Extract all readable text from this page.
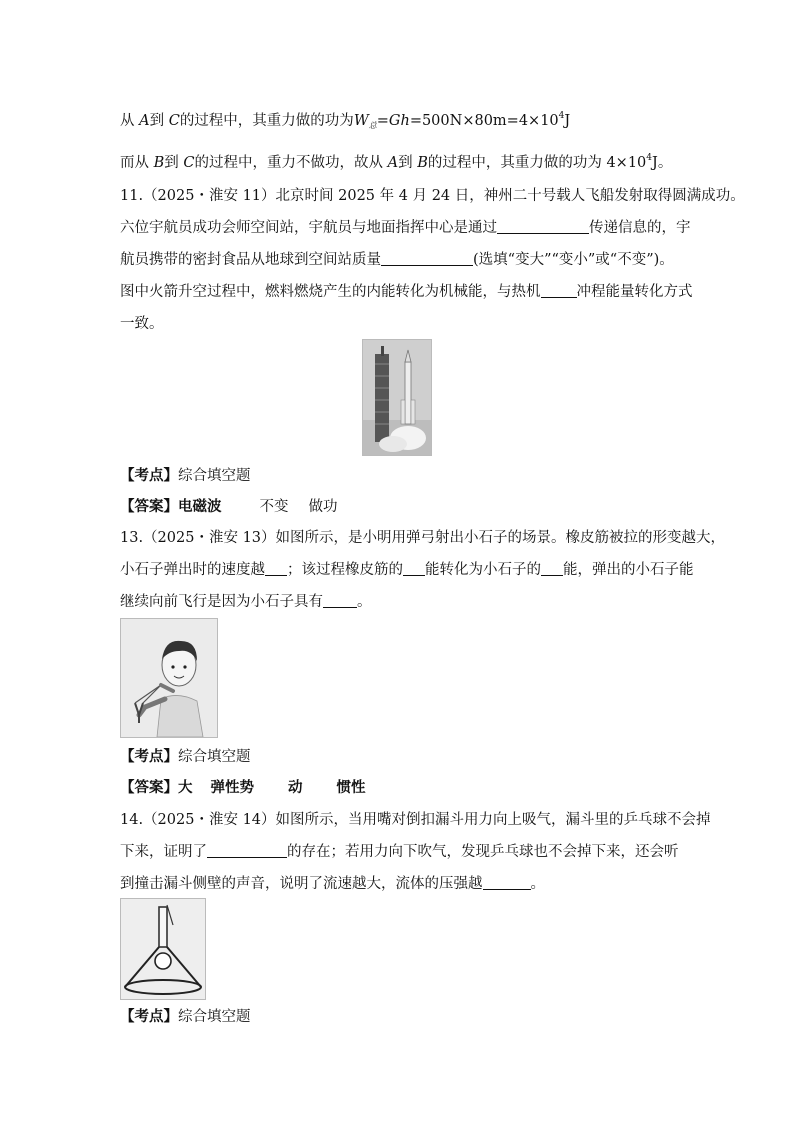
从 A到 C的过程中，其重力做的功为$W_总=Gh=500N\times 80m=4\times 10^4J$
而从 B到 C的过程中，重力不做功，故从 A到 B的过程中，其重力做的功为 $4\times 10^4J$。
11.（2025・淮安 11）北京时间 2025 年 4 月 24 日，神州二十号载人飞船发射取得圆满成功。
六位宇航员成功会师空间站，宇航员与地面指挥中心是通过	传递信息的，宇
航员携带的密封食品从地球到空间站质量	(选填“变大”“变小”或“不变”)。
图中火箭升空过程中，燃料燃烧产生的内能转化为机械能，与热机 冲程能量转化方式
一致。
【考点】综合填空题
【答案】电磁波	不变 做功
13.（2025・淮安 13）如图所示，是小明用弹弓射出小石子的场景。橡皮筋被拉的形变越大，
小石子弹出时的速度越 ；该过程橡皮筋的 能转化为小石子的 能，弹出的小石子能
继续向前飞行是因为小石子具有 。
【考点】综合填空题
【答案】大 弹性势 动 惯性
14.（2025・淮安 14）如图所示，当用嘴对倒扣漏斗用力向上吸气，漏斗里的乒乓球不会掉
下来，证明了	的存在；若用力向下吹气，发现乒乓球也不会掉下来，还会听
到撞击漏斗侧壁的声音，说明了流速越大，流体的压强越	。
【考点】综合填空题
